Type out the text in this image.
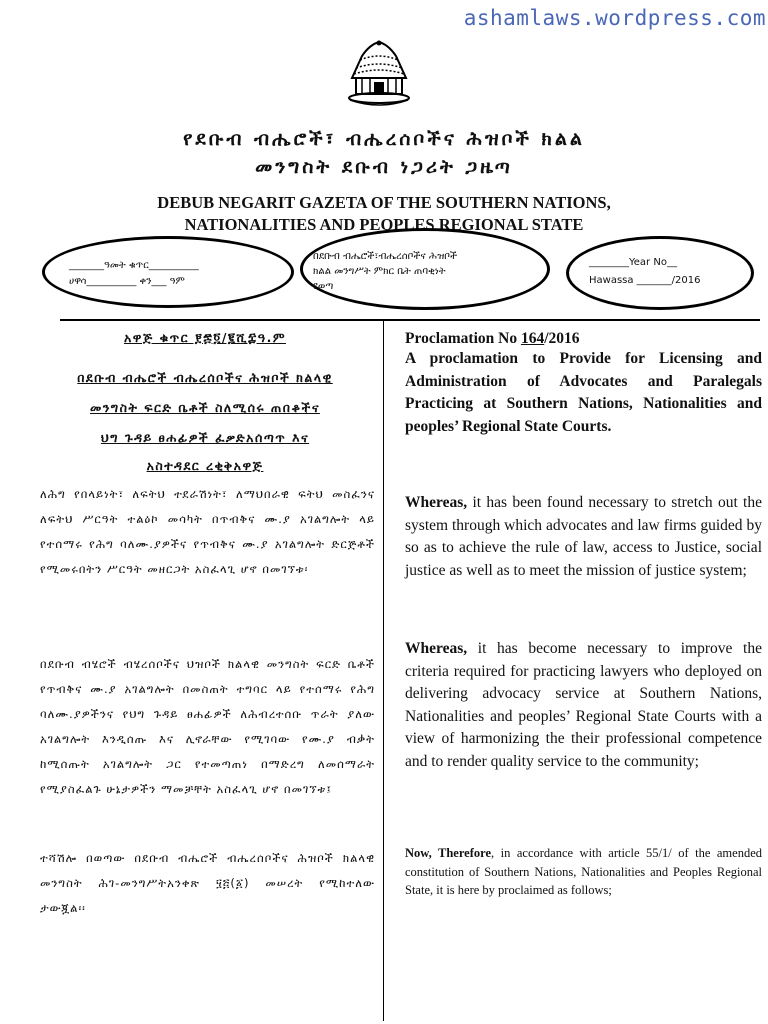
ashamlaws.wordpress.com
የደቡብ ብሔሮች፣ ብሔረሰቦችና ሕዝቦች ክልል
መንግስት ደቡብ ነጋሪት ጋዜጣ
DEBUB NEGARIT GAZETA OF THE SOUTHERN NATIONS,
NATIONALITIES AND PEOPLES REGIONAL STATE
_______ዓመት ቁጥር__________
ሀዋሳ__________ ቀን___ ዓም
በደቡብ ብሔሮች፣ብሔረሰቦችና ሕዝቦች
ክልል መንግሥት ምክር ቤት ጠባቂነት
የወጣ
________Year No__
Hawassa _______/2016

አዋጅ ቁጥር ፻፷፬/፪ሺ፰ዓ.ም

በደቡብ ብሔሮች ብሔረሰቦችና ሕዝቦች ክልላዊ

መንግስት ፍርድ ቤቶች ስለሚሰሩ ጠበቆችና

ህግ ጉዳይ ፀሐፊዎች ፈቃድአሰጣጥ እና

አስተዳደር ረቂቅአዋጅ

ለሕግ የበላይነት፣ ለፍትህ ተደራሽነት፣ ለማህበራዊ ፍትህ መስፈንና ለፍትህ ሥርዓት ተልዕኮ መሳካት በጥብቅና ሙ.ያ አገልግሎት ላይ የተሰማሩ የሕግ ባለሙ.ያዎችና የጥብቅና ሙ.ያ አገልግሎት ድርጅቶች የሚመሩበትን ሥርዓት መዘርጋት አስፈላጊ ሆኖ በመገኘቱ፡

በደቡብ ብሄሮች ብሄረሰቦችና ህዝቦች ክልላዊ መንግስት ፍርድ ቤቶች የጥብቅና ሙ.ያ አገልግሎት በመስጠት ተግባር ላይ የተሰማሩ የሕግ ባለሙ.ያዎችንና የህግ ጉዳይ ፀሐፊዎች ለሕብረተሰቡ ጥራት ያለው አገልግሎት እንዲሰጡ እና ሊኖራቸው የሚገባው የሙ.ያ ብቃት ከሚሰጡት አገልግሎት ጋር የተመጣጠነ በማድረግ ለመሰማራት የሚያስፈልጉ ሁኔታዎችን ማመቻቸት አስፈላጊ ሆኖ በመገኘቱ፤

ተሻሽሎ በወጣው በደቡብ ብሔሮች ብሔረሰቦችና ሕዝቦች ክልላዊ መንግስት ሕገ-መንግሥትአንቀጽ ፶፭(፩) መሠረት የሚከተለው ታውጇል፡፡

Proclamation No 164/2016

A proclamation to Provide for Licensing and Administration of Advocates and Paralegals Practicing at Southern Nations, Nationalities and peoples’ Regional State Courts.

Whereas, it has been found necessary to stretch out the system through which advocates and law firms guided by so as to achieve the rule of law, access to Justice, social justice as well as to meet the mission of justice system;

Whereas, it has become necessary to improve the criteria required for practicing lawyers who deployed on delivering advocacy service at Southern Nations, Nationalities and peoples’ Regional State Courts with a view of harmonizing the their professional competence and to render quality service to the community;

Now, Therefore, in accordance with article 55/1/ of the amended constitution of Southern Nations, Nationalities and Peoples Regional State, it is here by proclaimed as follows;
